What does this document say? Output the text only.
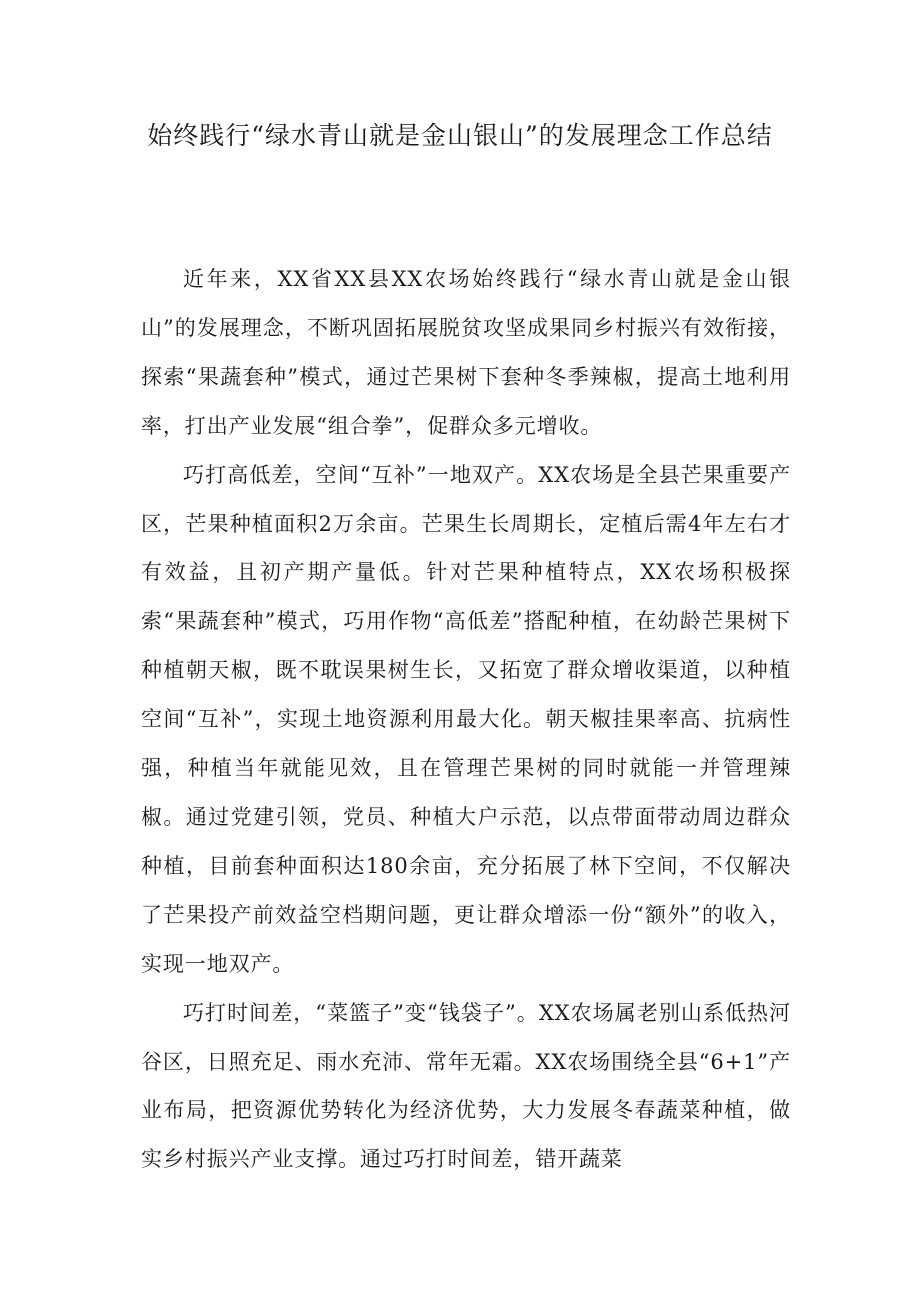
始终践行“绿水青山就是金山银山”的发展理念工作总结

近年来，XX省XX县XX农场始终践行“绿水青山就是金山银山”的发展理念，不断巩固拓展脱贫攻坚成果同乡村振兴有效衔接，探索“果蔬套种”模式，通过芒果树下套种冬季辣椒，提高土地利用率，打出产业发展“组合拳”，促群众多元增收。

巧打高低差，空间“互补”一地双产。XX农场是全县芒果重要产区，芒果种植面积2万余亩。芒果生长周期长，定植后需4年左右才有效益，且初产期产量低。针对芒果种植特点，XX农场积极探索“果蔬套种”模式，巧用作物“高低差”搭配种植，在幼龄芒果树下种植朝天椒，既不耽误果树生长，又拓宽了群众增收渠道，以种植空间“互补”，实现土地资源利用最大化。朝天椒挂果率高、抗病性强，种植当年就能见效，且在管理芒果树的同时就能一并管理辣椒。通过党建引领，党员、种植大户示范，以点带面带动周边群众种植，目前套种面积达180余亩，充分拓展了林下空间，不仅解决了芒果投产前效益空档期问题，更让群众增添一份“额外”的收入，实现一地双产。

巧打时间差，“菜篮子”变“钱袋子”。XX农场属老别山系低热河谷区，日照充足、雨水充沛、常年无霜。XX农场围绕全县“6+1”产业布局，把资源优势转化为经济优势，大力发展冬春蔬菜种植，做实乡村振兴产业支撑。通过巧打时间差，错开蔬菜
